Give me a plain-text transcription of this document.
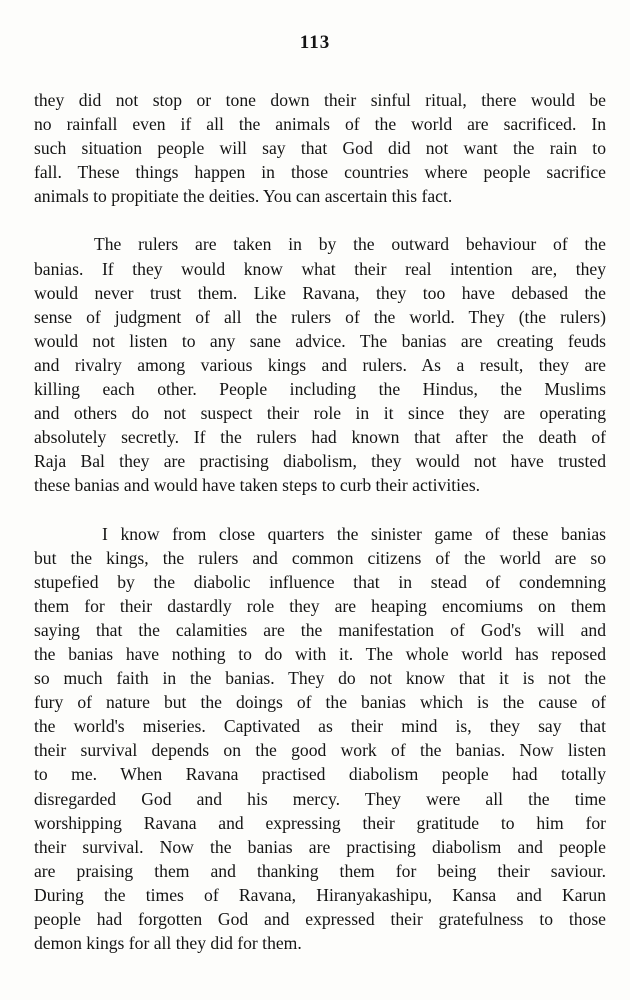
113
they did not stop or tone down their sinful ritual, there would be
no rainfall even if all the animals of the world are sacrificed. In
such situation people will say that God did not want the rain to
fall. These things happen in those countries where people sacrifice
animals to propitiate the deities. You can ascertain this fact.
The rulers are taken in by the outward behaviour of the
banias. If they would know what their real intention are, they
would never trust them. Like Ravana, they too have debased the
sense of judgment of all the rulers of the world. They (the rulers)
would not listen to any sane advice. The banias are creating feuds
and rivalry among various kings and rulers. As a result, they are
killing each other. People including the Hindus, the Muslims
and others do not suspect their role in it since they are operating
absolutely secretly. If the rulers had known that after the death of
Raja Bal they are practising diabolism, they would not have trusted
these banias and would have taken steps to curb their activities.
I know from close quarters the sinister game of these banias
but the kings, the rulers and common citizens of the world are so
stupefied by the diabolic influence that in stead of condemning
them for their dastardly role they are heaping encomiums on them
saying that the calamities are the manifestation of God's will and
the banias have nothing to do with it. The whole world has reposed
so much faith in the banias. They do not know that it is not the
fury of nature but the doings of the banias which is the cause of
the world's miseries. Captivated as their mind is, they say that
their survival depends on the good work of the banias. Now listen
to me. When Ravana practised diabolism people had totally
disregarded God and his mercy. They were all the time
worshipping Ravana and expressing their gratitude to him for
their survival. Now the banias are practising diabolism and people
are praising them and thanking them for being their saviour.
During the times of Ravana, Hiranyakashipu, Kansa and Karun
people had forgotten God and expressed their gratefulness to those
demon kings for all they did for them.
